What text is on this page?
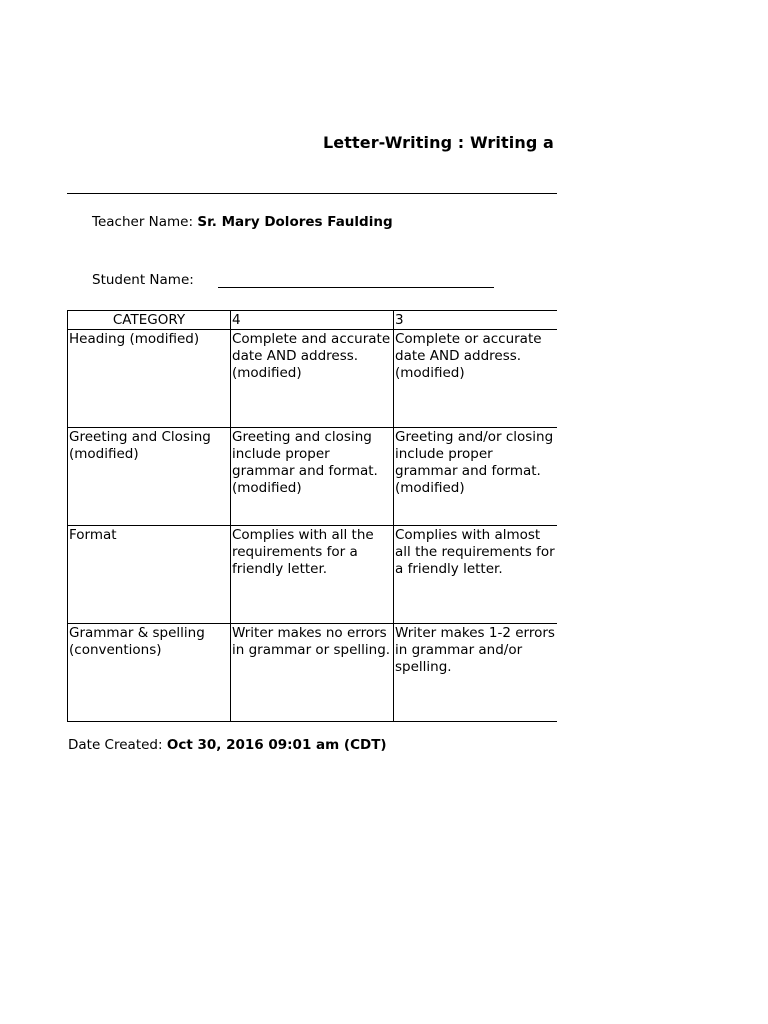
Letter-Writing : Writing a
Teacher Name: Sr. Mary Dolores Faulding
Student Name:
CATEGORY	4	3
Heading (modified)	Complete and accurate date AND address. (modified)	Complete or accurate date AND address. (modified)
Greeting and Closing (modified)	Greeting and closing include proper grammar and format. (modified)	Greeting and/or closing include proper grammar and format. (modified)
Format	Complies with all the requirements for a friendly letter.	Complies with almost all the requirements for a friendly letter.
Grammar & spelling (conventions)	Writer makes no errors in grammar or spelling.	Writer makes 1-2 errors in grammar and/or spelling.
Date Created: Oct 30, 2016 09:01 am (CDT)
